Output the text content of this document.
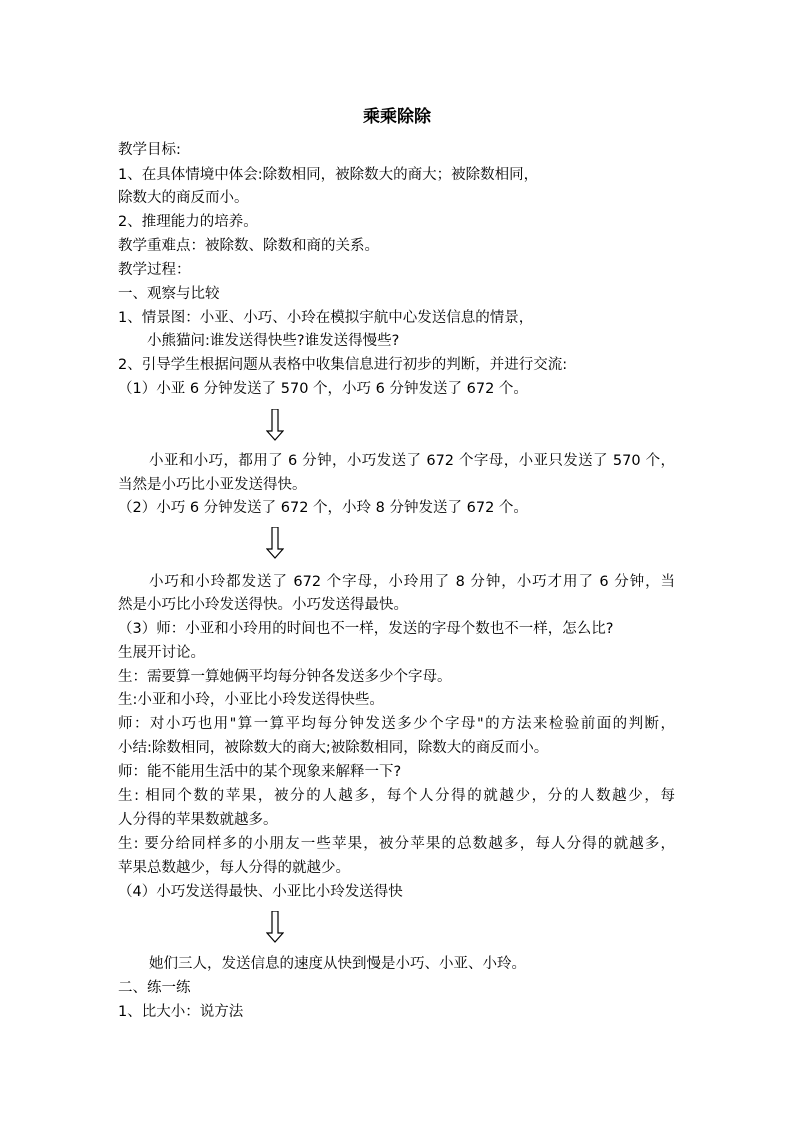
乘乘除除
教学目标:
1、在具体情境中体会:除数相同，被除数大的商大；被除数相同，
除数大的商反而小。
2、推理能力的培养。
教学重难点：被除数、除数和商的关系。
教学过程：
一、观察与比较
1、情景图：小亚、小巧、小玲在模拟宇航中心发送信息的情景，
小熊猫问:谁发送得快些?谁发送得慢些?
2、引导学生根据问题从表格中收集信息进行初步的判断，并进行交流:
（1）小亚 6 分钟发送了 570 个，小巧 6 分钟发送了 672 个。
小亚和小巧，都用了 6 分钟，小巧发送了 672 个字母，小亚只发送了 570 个，
当然是小巧比小亚发送得快。
（2）小巧 6 分钟发送了 672 个，小玲 8 分钟发送了 672 个。
小巧和小玲都发送了 672 个字母，小玲用了 8 分钟，小巧才用了 6 分钟，当
然是小巧比小玲发送得快。小巧发送得最快。
（3）师：小亚和小玲用的时间也不一样，发送的字母个数也不一样，怎么比?
生展开讨论。
生：需要算一算她俩平均每分钟各发送多少个字母。
生:小亚和小玲，小亚比小玲发送得快些。
师：对小巧也用"算一算平均每分钟发送多少个字母"的方法来检验前面的判断，
小结:除数相同，被除数大的商大;被除数相同，除数大的商反而小。
师：能不能用生活中的某个现象来解释一下?
生: 相同个数的苹果，被分的人越多，每个人分得的就越少，分的人数越少，每
人分得的苹果数就越多。
生: 要分给同样多的小朋友一些苹果，被分苹果的总数越多，每人分得的就越多，
苹果总数越少，每人分得的就越少。
（4）小巧发送得最快、小亚比小玲发送得快
她们三人，发送信息的速度从快到慢是小巧、小亚、小玲。
二、练一练
1、比大小：说方法
